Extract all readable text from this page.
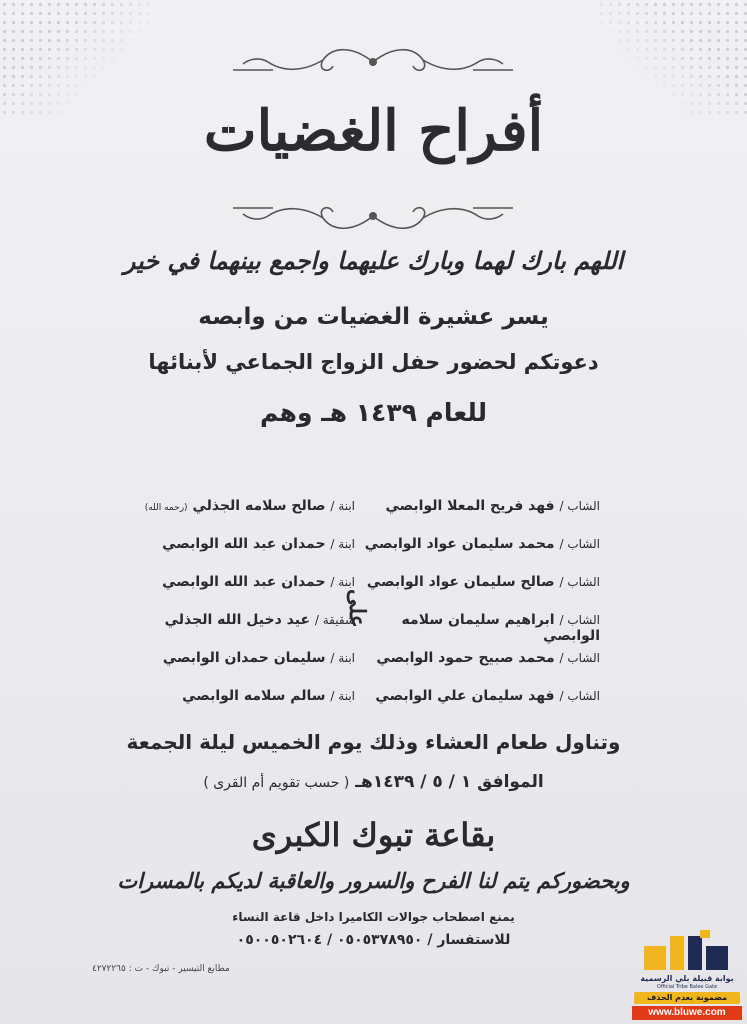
أفراح الغضيات
اللهم بارك لهما وبارك عليهما واجمع بينهما في خير
يسر عشيرة الغضيات من وابصه
دعوتكم لحضور حفل الزواج الجماعي لأبنائها
للعام ١٤٣٩ هـ وهم
الشاب / فهد فريح المعلا الوابصي
ابنة / صالح سلامه الجذلي (رحمه الله)
الشاب / محمد سليمان عواد الوابصي
ابنة / حمدان عبد الله الوابصي
الشاب / صالح سليمان عواد الوابصي
ابنة / حمدان عبد الله الوابصي
الشاب / ابراهيم سليمان سلامه الوابصي
شقيقة / عيد دخيل الله الجذلي
الشاب / محمد صبيح حمود الوابصي
ابنة / سليمان حمدان الوابصي
الشاب / فهد سليمان علي الوابصي
ابنة / سالم سلامه الوابصي
على
وتناول طعام العشاء وذلك يوم الخميس ليلة الجمعة
الموافق ١ / ٥ / ١٤٣٩هـ ( حسب تقويم أم القرى )
بقاعة تبوك الكبرى
وبحضوركم يتم لنا الفرح والسرور والعاقبة لديكم بالمسرات
يمنع اصطحاب جوالات الكاميرا داخل قاعة النساء
للاستفسار / ٠٥٠٥٣٧٨٩٥٠ / ٠٥٠٠٥٠٢٦٠٤
مطابع التيسير - تبوك - ت : ٤٢٧٢٢٦٥
بوابة قبيلة بلي الرسمية
Official Tribe Balee Gate
مضمونة بعدم الحذف
www.bluwe.com
